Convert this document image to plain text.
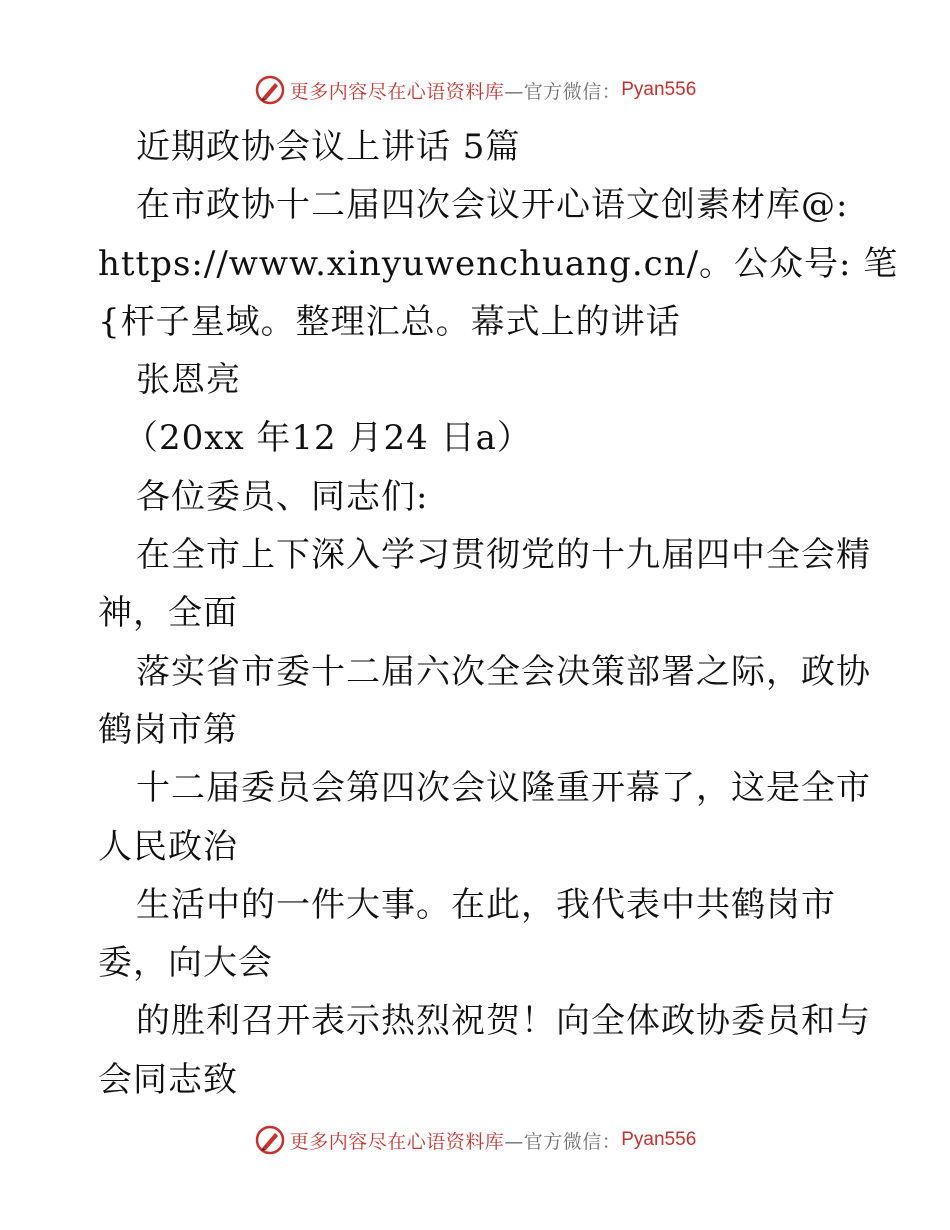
更多内容尽在心语资料库 —官方微信： Pyan556
近期政协会议上讲话 5篇
在市政协十二届四次会议开心语文创素材库@:
https://www.xinyuwenchuang.cn/。公众号: 笔
{杆子星域。整理汇总。幕式上的讲话
张恩亮
（20xx 年12 月24 日a）
各位委员、同志们:
在全市上下深入学习贯彻党的十九届四中全会精
神，全面
落实省市委十二届六次全会决策部署之际，政协
鹤岗市第
十二届委员会第四次会议隆重开幕了，这是全市
人民政治
生活中的一件大事。在此，我代表中共鹤岗市
委，向大会
的胜利召开表示热烈祝贺！向全体政协委员和与
会同志致
更多内容尽在心语资料库 —官方微信： Pyan556
